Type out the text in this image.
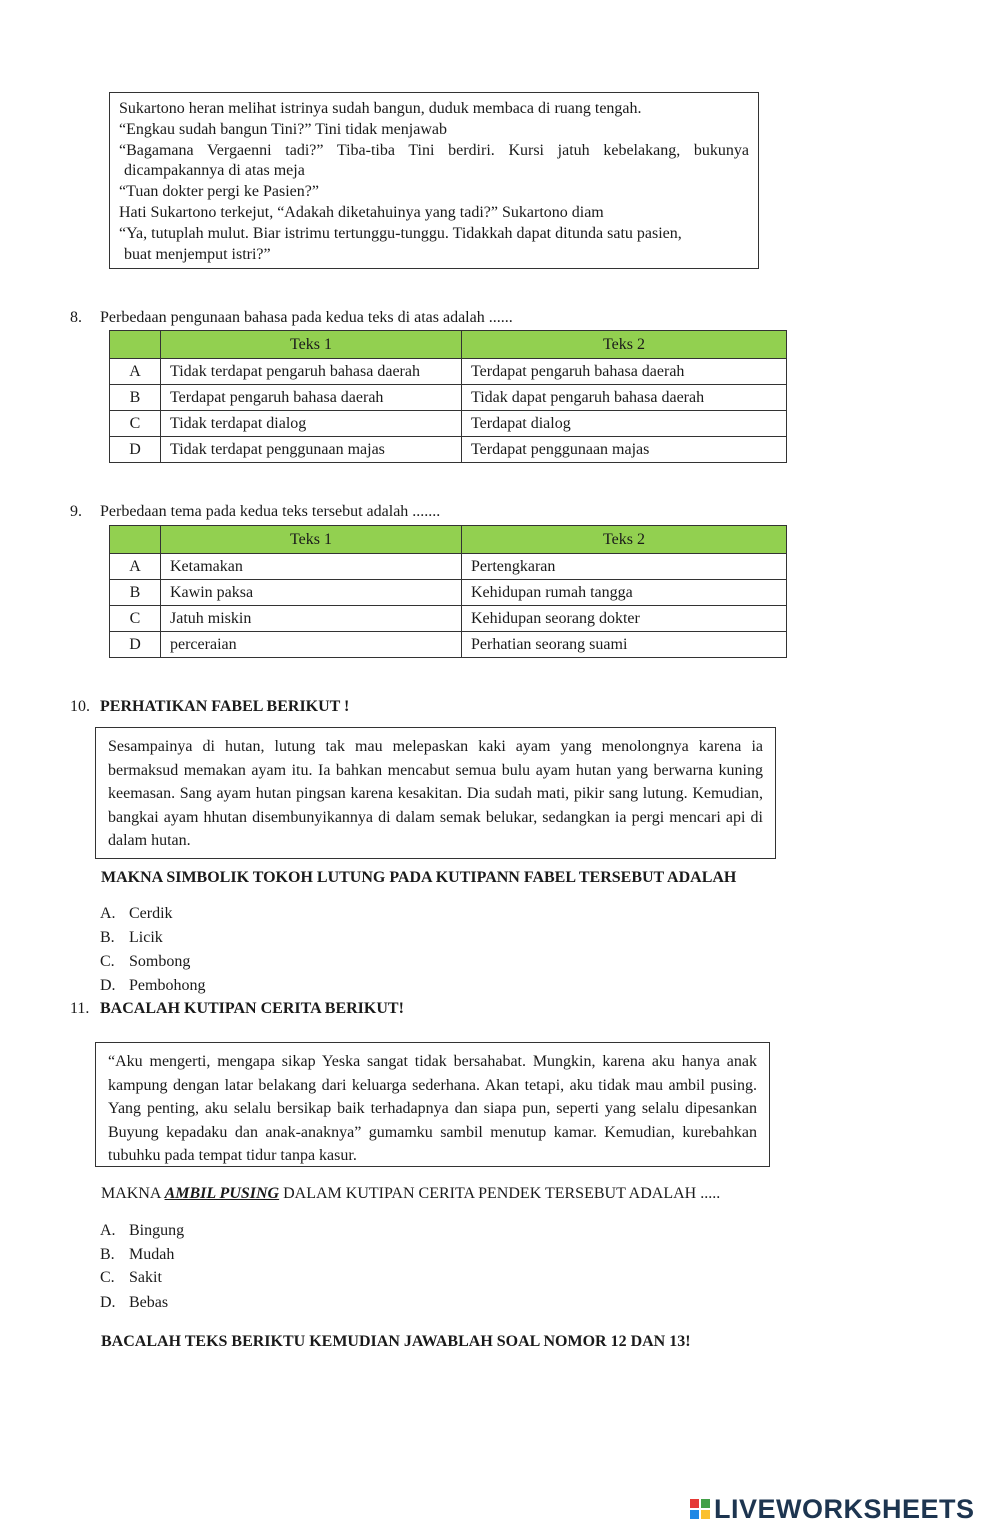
Sukartono heran melihat istrinya sudah bangun, duduk membaca di ruang tengah.

“Engkau sudah bangun Tini?” Tini tidak menjawab

“Bagamana Vergaenni tadi?” Tiba-tiba Tini berdiri. Kursi jatuh kebelakang, bukunya

dicampakannya di atas meja

“Tuan dokter pergi ke Pasien?”

Hati Sukartono terkejut, “Adakah diketahuinya yang tadi?” Sukartono diam

“Ya, tutuplah mulut. Biar istrimu tertunggu-tunggu. Tidakkah dapat ditunda satu pasien,

buat menjemput istri?”

8. Perbedaan pengunaan bahasa pada kedua teks di atas adalah ......
	Teks 1	Teks 2
A	Tidak terdapat pengaruh bahasa daerah	Terdapat pengaruh bahasa daerah
B	Terdapat pengaruh bahasa daerah	Tidak dapat pengaruh bahasa daerah
C	Tidak terdapat dialog	Terdapat dialog
D	Tidak terdapat penggunaan majas	Terdapat penggunaan majas
9. Perbedaan tema pada kedua teks tersebut adalah .......
	Teks 1	Teks 2
A	Ketamakan	Pertengkaran
B	Kawin paksa	Kehidupan rumah tangga
C	Jatuh miskin	Kehidupan seorang dokter
D	perceraian	Perhatian seorang suami
10. PERHATIKAN FABEL BERIKUT !

Sesampainya di hutan, lutung tak mau melepaskan kaki ayam yang menolongnya karena ia bermaksud memakan ayam itu. Ia bahkan mencabut semua bulu ayam hutan yang berwarna kuning keemasan. Sang ayam hutan pingsan karena kesakitan. Dia sudah mati, pikir sang lutung. Kemudian, bangkai ayam hhutan disembunyikannya di dalam semak belukar, sedangkan ia pergi mencari api di dalam hutan.

MAKNA SIMBOLIK TOKOH LUTUNG PADA KUTIPANN FABEL TERSEBUT ADALAH
A. Cerdik
B. Licik
C. Sombong
D. Pembohong
11. BACALAH KUTIPAN CERITA BERIKUT!

“Aku mengerti, mengapa sikap Yeska sangat tidak bersahabat. Mungkin, karena aku hanya anak kampung dengan latar belakang dari keluarga sederhana. Akan tetapi, aku tidak mau ambil pusing. Yang penting, aku selalu bersikap baik terhadapnya dan siapa pun, seperti yang selalu dipesankan Buyung kepadaku dan anak-anaknya” gumamku sambil menutup kamar. Kemudian, kurebahkan tubuhku pada tempat tidur tanpa kasur.

MAKNA AMBIL PUSING DALAM KUTIPAN CERITA PENDEK TERSEBUT ADALAH .....
A. Bingung
B. Mudah
C. Sakit
D. Bebas
BACALAH TEKS BERIKTU KEMUDIAN JAWABLAH SOAL NOMOR 12 DAN 13!
LIVEWORKSHEETS
